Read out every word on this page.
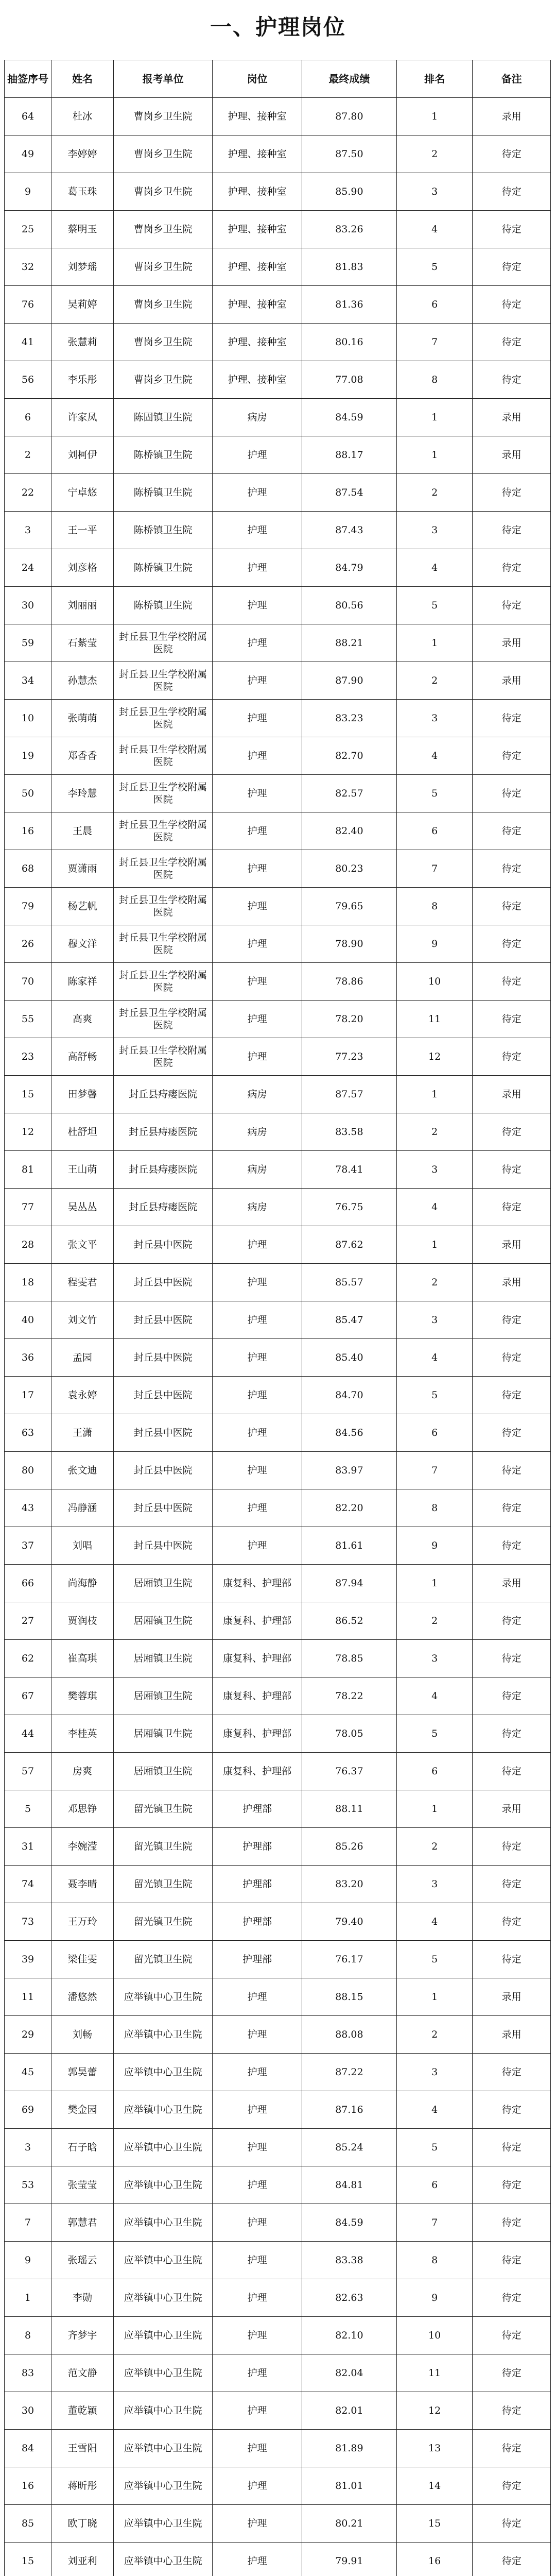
一、护理岗位
抽签序号	姓名	报考单位	岗位	最终成绩	排名	备注
64	杜冰	曹岗乡卫生院	护理、接种室	87.80	1	录用
49	李婷婷	曹岗乡卫生院	护理、接种室	87.50	2	待定
9	葛玉珠	曹岗乡卫生院	护理、接种室	85.90	3	待定
25	蔡明玉	曹岗乡卫生院	护理、接种室	83.26	4	待定
32	刘梦瑶	曹岗乡卫生院	护理、接种室	81.83	5	待定
76	吴莉婷	曹岗乡卫生院	护理、接种室	81.36	6	待定
41	张慧莉	曹岗乡卫生院	护理、接种室	80.16	7	待定
56	李乐彤	曹岗乡卫生院	护理、接种室	77.08	8	待定
6	许家凤	陈固镇卫生院	病房	84.59	1	录用
2	刘柯伊	陈桥镇卫生院	护理	88.17	1	录用
22	宁卓悠	陈桥镇卫生院	护理	87.54	2	待定
3	王一平	陈桥镇卫生院	护理	87.43	3	待定
24	刘彦格	陈桥镇卫生院	护理	84.79	4	待定
30	刘丽丽	陈桥镇卫生院	护理	80.56	5	待定
59	石紫莹	封丘县卫生学校附属医院	护理	88.21	1	录用
34	孙慧杰	封丘县卫生学校附属医院	护理	87.90	2	录用
10	张萌萌	封丘县卫生学校附属医院	护理	83.23	3	待定
19	郑香香	封丘县卫生学校附属医院	护理	82.70	4	待定
50	李玲慧	封丘县卫生学校附属医院	护理	82.57	5	待定
16	王晨	封丘县卫生学校附属医院	护理	82.40	6	待定
68	贾潇雨	封丘县卫生学校附属医院	护理	80.23	7	待定
79	杨艺帆	封丘县卫生学校附属医院	护理	79.65	8	待定
26	穆文洋	封丘县卫生学校附属医院	护理	78.90	9	待定
70	陈家祥	封丘县卫生学校附属医院	护理	78.86	10	待定
55	高爽	封丘县卫生学校附属医院	护理	78.20	11	待定
23	高舒畅	封丘县卫生学校附属医院	护理	77.23	12	待定
15	田梦馨	封丘县痔瘘医院	病房	87.57	1	录用
12	杜舒坦	封丘县痔瘘医院	病房	83.58	2	待定
81	王山萌	封丘县痔瘘医院	病房	78.41	3	待定
77	吴丛丛	封丘县痔瘘医院	病房	76.75	4	待定
28	张文平	封丘县中医院	护理	87.62	1	录用
18	程雯君	封丘县中医院	护理	85.57	2	录用
40	刘文竹	封丘县中医院	护理	85.47	3	待定
36	孟园	封丘县中医院	护理	85.40	4	待定
17	袁永婷	封丘县中医院	护理	84.70	5	待定
63	王潇	封丘县中医院	护理	84.56	6	待定
80	张文迪	封丘县中医院	护理	83.97	7	待定
43	冯静涵	封丘县中医院	护理	82.20	8	待定
37	刘唱	封丘县中医院	护理	81.61	9	待定
66	尚海静	居厢镇卫生院	康复科、护理部	87.94	1	录用
27	贾润枝	居厢镇卫生院	康复科、护理部	86.52	2	待定
62	崔高琪	居厢镇卫生院	康复科、护理部	78.85	3	待定
67	樊蓉琪	居厢镇卫生院	康复科、护理部	78.22	4	待定
44	李桂英	居厢镇卫生院	康复科、护理部	78.05	5	待定
57	房爽	居厢镇卫生院	康复科、护理部	76.37	6	待定
5	邓思铮	留光镇卫生院	护理部	88.11	1	录用
31	李婉滢	留光镇卫生院	护理部	85.26	2	待定
74	聂李晴	留光镇卫生院	护理部	83.20	3	待定
73	王万玲	留光镇卫生院	护理部	79.40	4	待定
39	梁佳雯	留光镇卫生院	护理部	76.17	5	待定
11	潘悠然	应举镇中心卫生院	护理	88.15	1	录用
29	刘畅	应举镇中心卫生院	护理	88.08	2	录用
45	郭昊蕾	应举镇中心卫生院	护理	87.22	3	待定
69	樊金园	应举镇中心卫生院	护理	87.16	4	待定
3	石子晗	应举镇中心卫生院	护理	85.24	5	待定
53	张莹莹	应举镇中心卫生院	护理	84.81	6	待定
7	郭慧君	应举镇中心卫生院	护理	84.59	7	待定
9	张瑶云	应举镇中心卫生院	护理	83.38	8	待定
1	李勋	应举镇中心卫生院	护理	82.63	9	待定
8	齐梦宇	应举镇中心卫生院	护理	82.10	10	待定
83	范文静	应举镇中心卫生院	护理	82.04	11	待定
30	董乾颖	应举镇中心卫生院	护理	82.01	12	待定
84	王雪阳	应举镇中心卫生院	护理	81.89	13	待定
16	蒋昕彤	应举镇中心卫生院	护理	81.01	14	待定
85	欧丁晓	应举镇中心卫生院	护理	80.21	15	待定
15	刘亚利	应举镇中心卫生院	护理	79.91	16	待定
